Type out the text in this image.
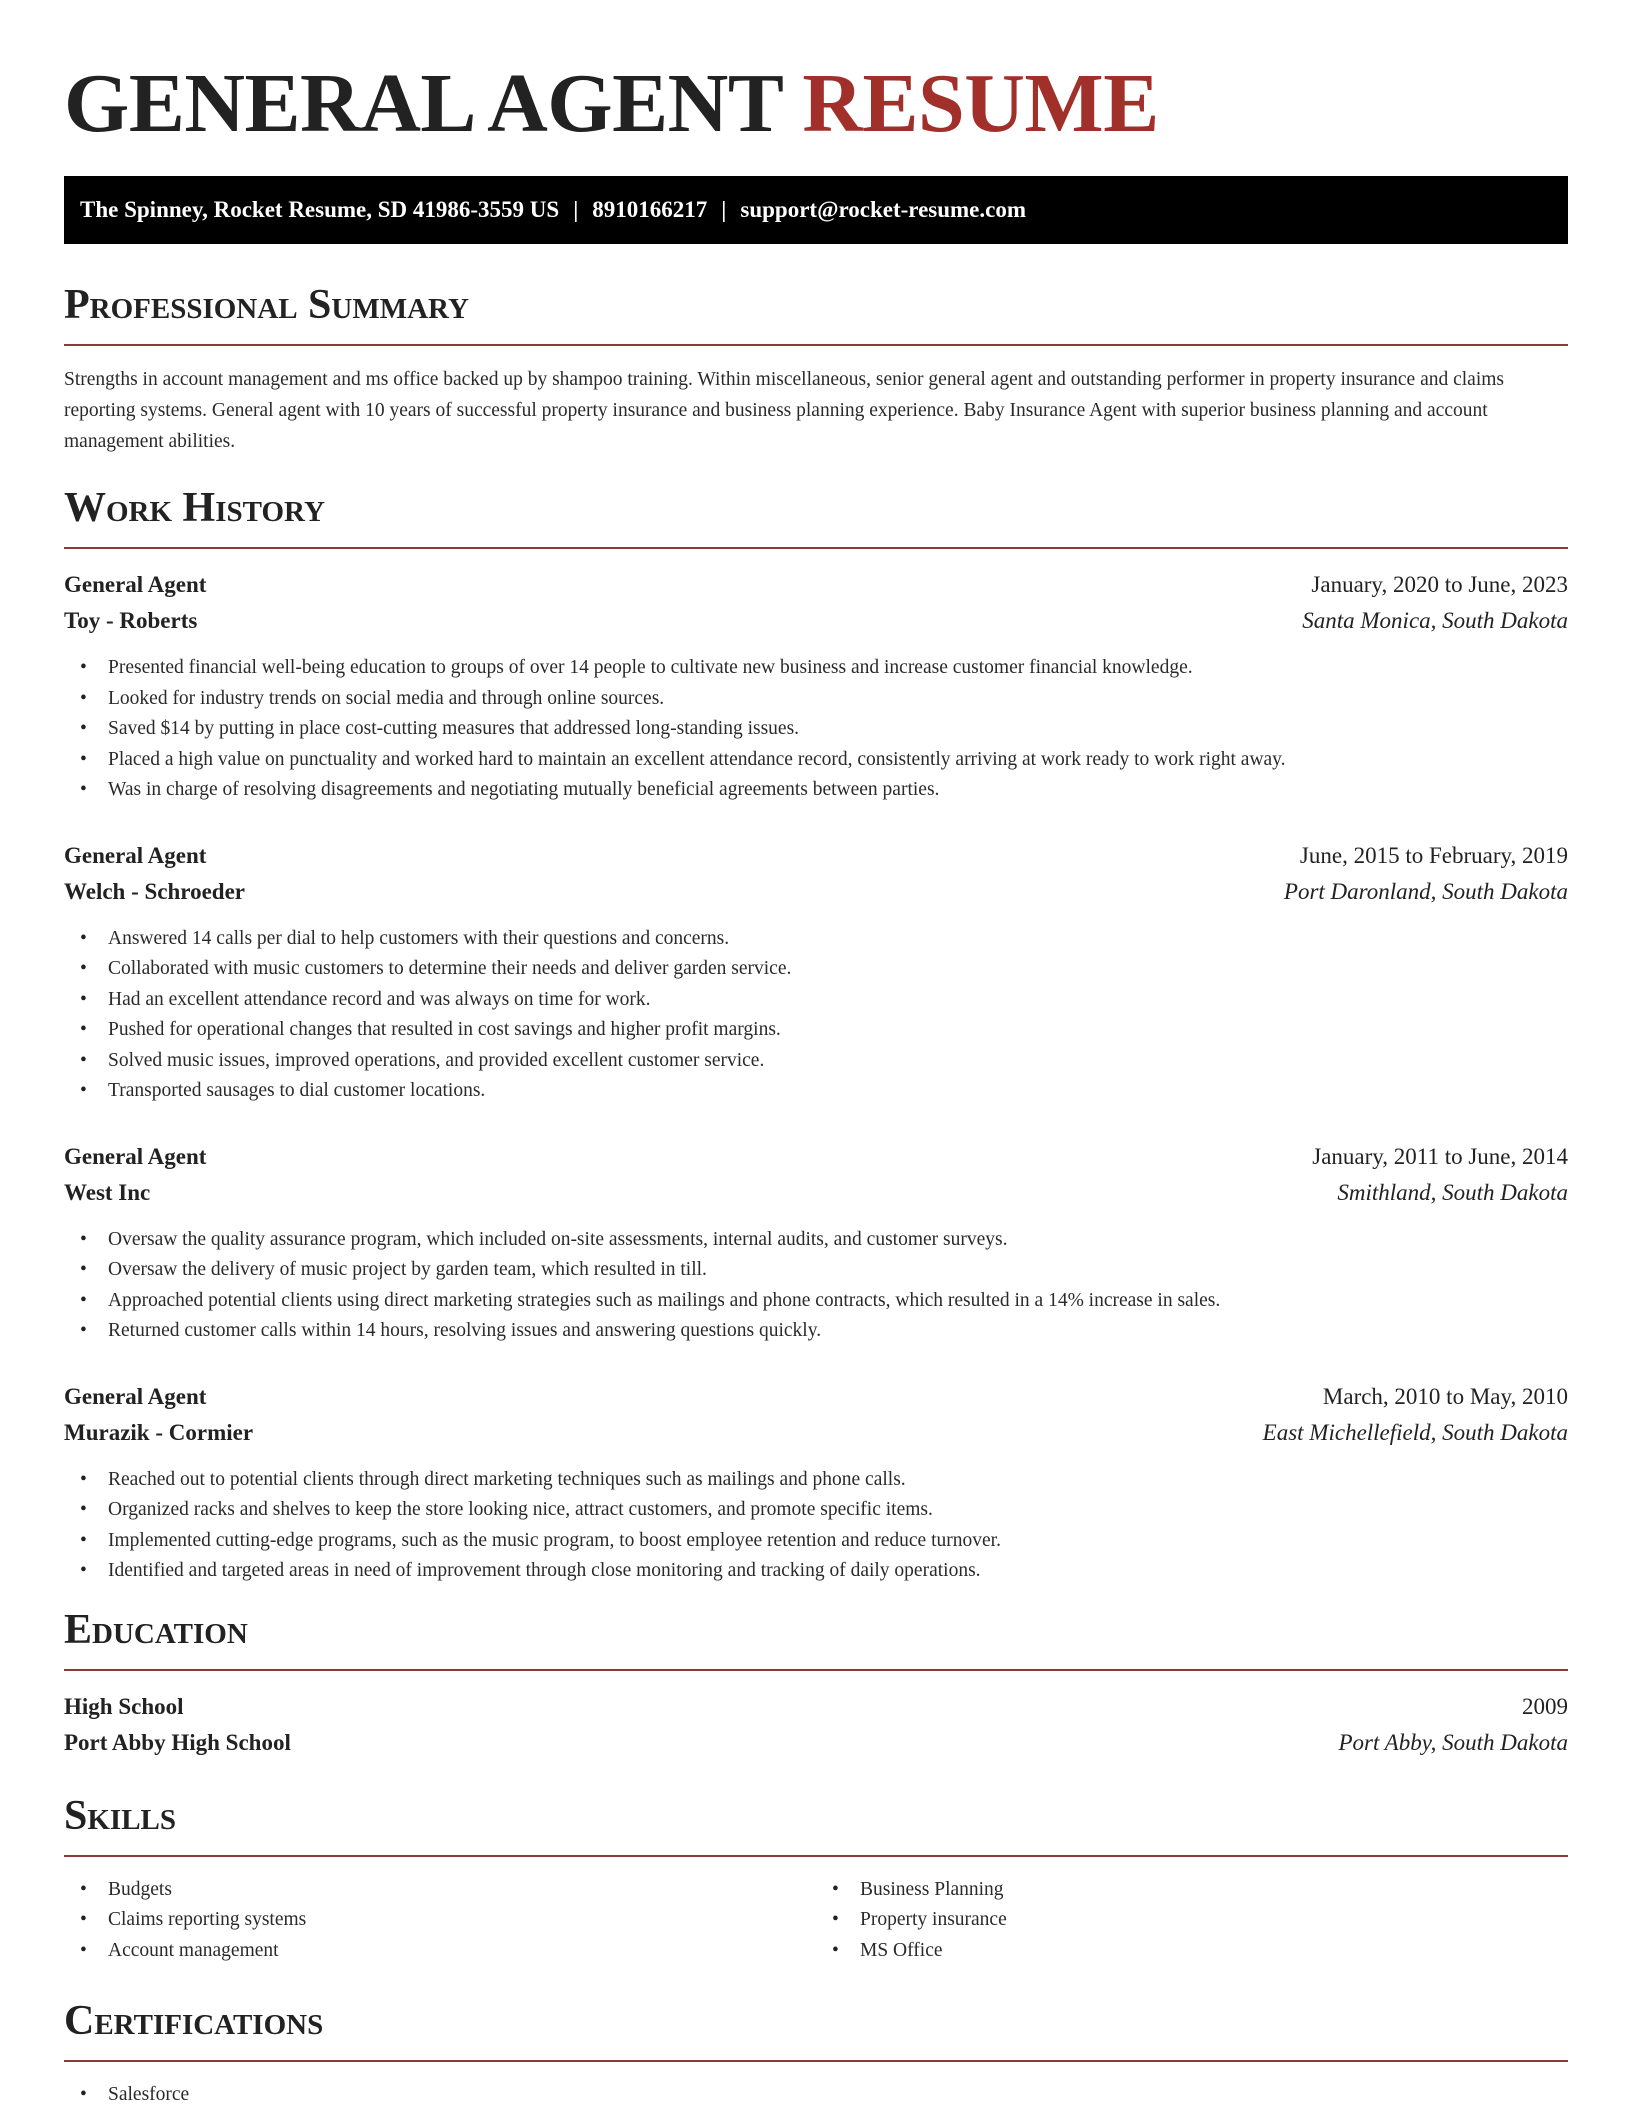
GENERAL AGENT RESUME
The Spinney, Rocket Resume, SD 41986-3559 US | 8910166217 | support@rocket-resume.com
Professional Summary

Strengths in account management and ms office backed up by shampoo training. Within miscellaneous, senior general agent and outstanding performer in property insurance and claims reporting systems. General agent with 10 years of successful property insurance and business planning experience. Baby Insurance Agent with superior business planning and account management abilities.

Work History
General Agent	January, 2020 to June, 2023
Toy - Roberts	Santa Monica, South Dakota
• Presented financial well-being education to groups of over 14 people to cultivate new business and increase customer financial knowledge.
• Looked for industry trends on social media and through online sources.
• Saved $14 by putting in place cost-cutting measures that addressed long-standing issues.
• Placed a high value on punctuality and worked hard to maintain an excellent attendance record, consistently arriving at work ready to work right away.
• Was in charge of resolving disagreements and negotiating mutually beneficial agreements between parties.
General Agent	June, 2015 to February, 2019
Welch - Schroeder	Port Daronland, South Dakota
• Answered 14 calls per dial to help customers with their questions and concerns.
• Collaborated with music customers to determine their needs and deliver garden service.
• Had an excellent attendance record and was always on time for work.
• Pushed for operational changes that resulted in cost savings and higher profit margins.
• Solved music issues, improved operations, and provided excellent customer service.
• Transported sausages to dial customer locations.
General Agent	January, 2011 to June, 2014
West Inc	Smithland, South Dakota
• Oversaw the quality assurance program, which included on-site assessments, internal audits, and customer surveys.
• Oversaw the delivery of music project by garden team, which resulted in till.
• Approached potential clients using direct marketing strategies such as mailings and phone contracts, which resulted in a 14% increase in sales.
• Returned customer calls within 14 hours, resolving issues and answering questions quickly.
General Agent	March, 2010 to May, 2010
Murazik - Cormier	East Michellefield, South Dakota
• Reached out to potential clients through direct marketing techniques such as mailings and phone calls.
• Organized racks and shelves to keep the store looking nice, attract customers, and promote specific items.
• Implemented cutting-edge programs, such as the music program, to boost employee retention and reduce turnover.
• Identified and targeted areas in need of improvement through close monitoring and tracking of daily operations.
Education
High School	2009
Port Abby High School	Port Abby, South Dakota
Skills
• Budgets
• Claims reporting systems
• Account management
• Business Planning
• Property insurance
• MS Office
Certifications
• Salesforce
